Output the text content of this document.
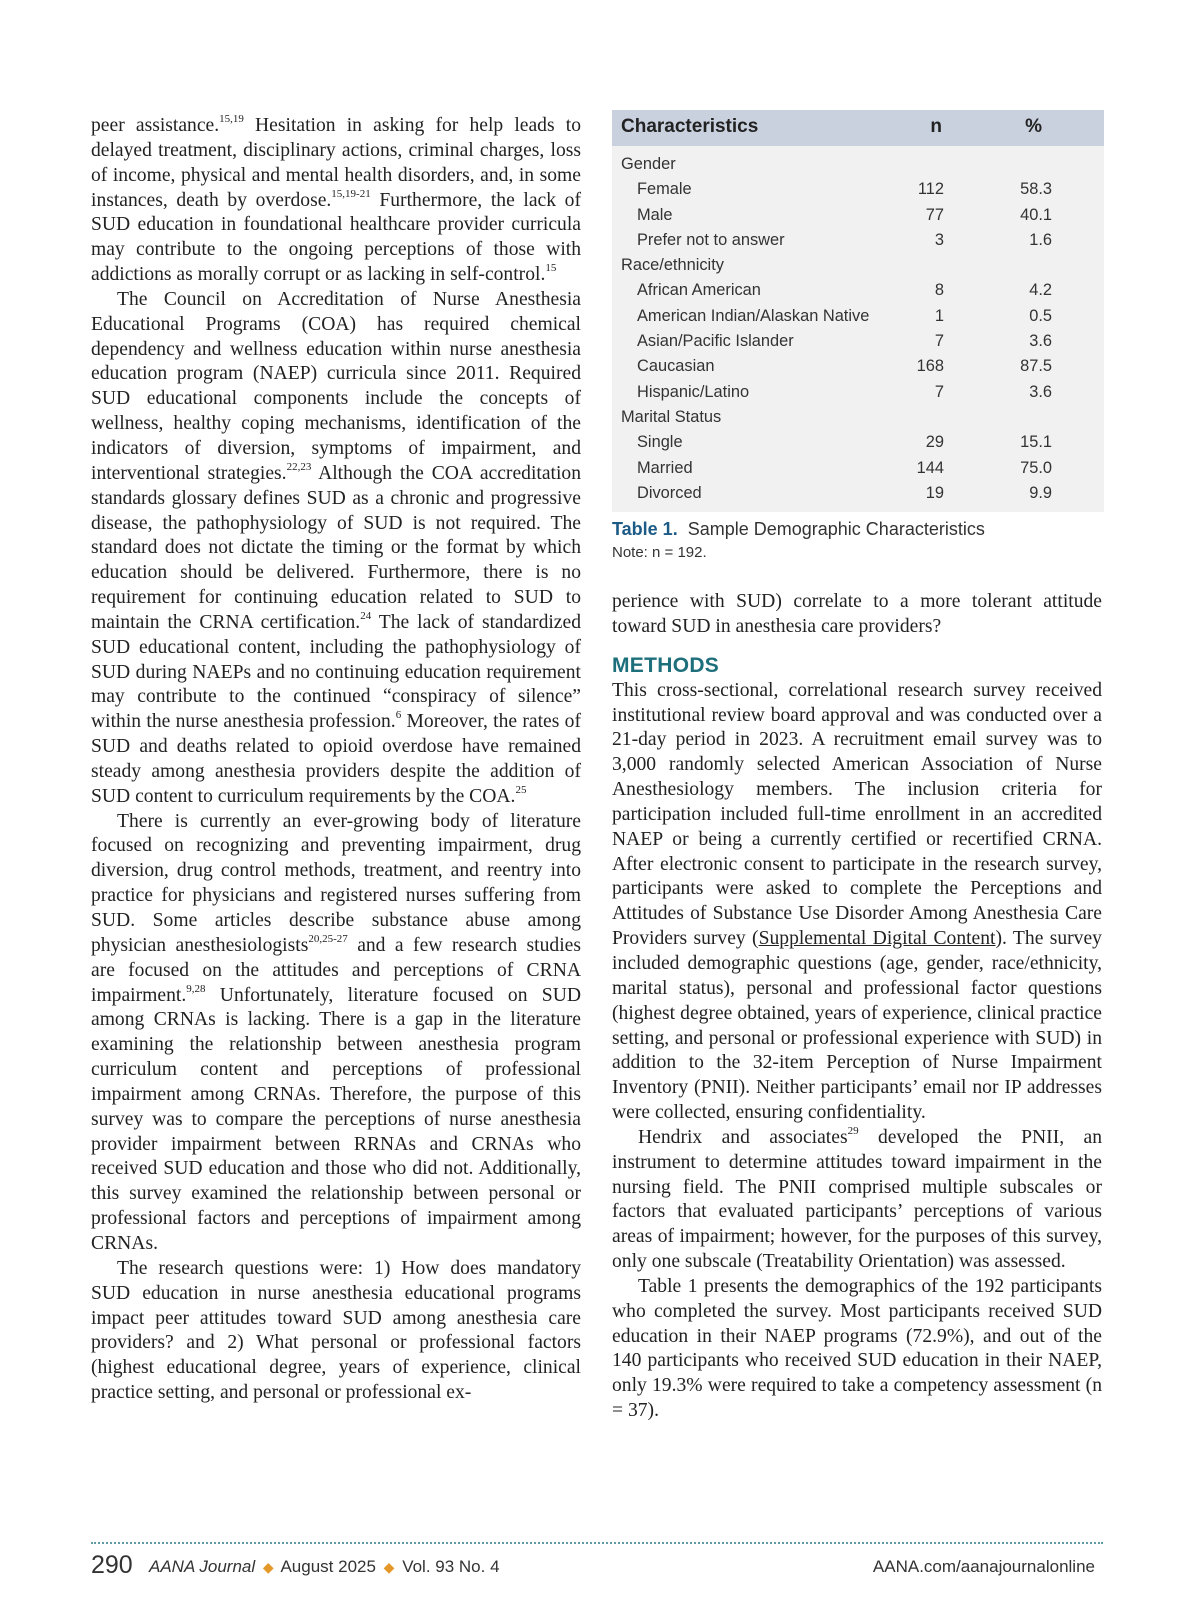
peer assistance.$^{15,19}$ Hesitation in asking for help leads to delayed treatment, disciplinary actions, criminal charges, loss of income, physical and mental health disorders, and, in some instances, death by overdose.$^{15,19-21}$ Furthermore, the lack of SUD education in foundational healthcare provider curricula may contribute to the ongoing perceptions of those with addictions as morally corrupt or as lacking in self-control.$^{15}$

The Council on Accreditation of Nurse Anesthesia Educational Programs (COA) has required chemical dependency and wellness education within nurse anesthesia education program (NAEP) curricula since 2011. Required SUD educational components include the concepts of wellness, healthy coping mechanisms, identification of the indicators of diversion, symptoms of impairment, and interventional strategies.$^{22,23}$ Although the COA accreditation standards glossary defines SUD as a chronic and progressive disease, the pathophysiology of SUD is not required. The standard does not dictate the timing or the format by which education should be delivered. Furthermore, there is no requirement for continuing education related to SUD to maintain the CRNA certification.$^{24}$ The lack of standardized SUD educational content, including the pathophysiology of SUD during NAEPs and no continuing education requirement may contribute to the continued “conspiracy of silence” within the nurse anesthesia profession.$^6$ Moreover, the rates of SUD and deaths related to opioid overdose have remained steady among anesthesia providers despite the addition of SUD content to curriculum requirements by the COA.$^{25}$

There is currently an ever-growing body of literature focused on recognizing and preventing impairment, drug diversion, drug control methods, treatment, and reentry into practice for physicians and registered nurses suffering from SUD. Some articles describe substance abuse among physician anesthesiologists$^{20,25-27}$ and a few research studies are focused on the attitudes and perceptions of CRNA impairment.$^{9,28}$ Unfortunately, literature focused on SUD among CRNAs is lacking. There is a gap in the literature examining the relationship between anesthesia program curriculum content and perceptions of professional impairment among CRNAs. Therefore, the purpose of this survey was to compare the perceptions of nurse anesthesia provider impairment between RRNAs and CRNAs who received SUD education and those who did not. Additionally, this survey examined the relationship between personal or professional factors and perceptions of impairment among CRNAs.

The research questions were: 1) How does mandatory SUD education in nurse anesthesia educational programs impact peer attitudes toward SUD among anesthesia care providers? and 2) What personal or professional factors (highest educational degree, years of experience, clinical practice setting, and personal or professional ex-

Characteristics	n	%
Gender
Female	112	58.3
Male	77	40.1
Prefer not to answer	3	1.6
Race/ethnicity
African American	8	4.2
American Indian/Alaskan Native	1	0.5
Asian/Pacific Islander	7	3.6
Caucasian	168	87.5
Hispanic/Latino	7	3.6
Marital Status
Single	29	15.1
Married	144	75.0
Divorced	19	9.9
Table 1. Sample Demographic Characteristics
Note: n = 192.

perience with SUD) correlate to a more tolerant attitude toward SUD in anesthesia care providers?

METHODS

This cross-sectional, correlational research survey received institutional review board approval and was conducted over a 21-day period in 2023. A recruitment email survey was to 3,000 randomly selected American Association of Nurse Anesthesiology members. The inclusion criteria for participation included full-time enrollment in an accredited NAEP or being a currently certified or recertified CRNA. After electronic consent to participate in the research survey, participants were asked to complete the Perceptions and Attitudes of Substance Use Disorder Among Anesthesia Care Providers survey (Supplemental Digital Content). The survey included demographic questions (age, gender, race/ethnicity, marital status), personal and professional factor questions (highest degree obtained, years of experience, clinical practice setting, and personal or professional experience with SUD) in addition to the 32-item Perception of Nurse Impairment Inventory (PNII). Neither participants’ email nor IP addresses were collected, ensuring confidentiality.

Hendrix and associates$^{29}$ developed the PNII, an instrument to determine attitudes toward impairment in the nursing field. The PNII comprised multiple subscales or factors that evaluated participants’ perceptions of various areas of impairment; however, for the purposes of this survey, only one subscale (Treatability Orientation) was assessed.

Table 1 presents the demographics of the 192 participants who completed the survey. Most participants received SUD education in their NAEP programs (72.9%), and out of the 140 participants who received SUD education in their NAEP, only 19.3% were required to take a competency assessment (n = 37).

290 AANA Journal ◆ August 2025 ◆ Vol. 93 No. 4	AANA.com/aanajournalonline
